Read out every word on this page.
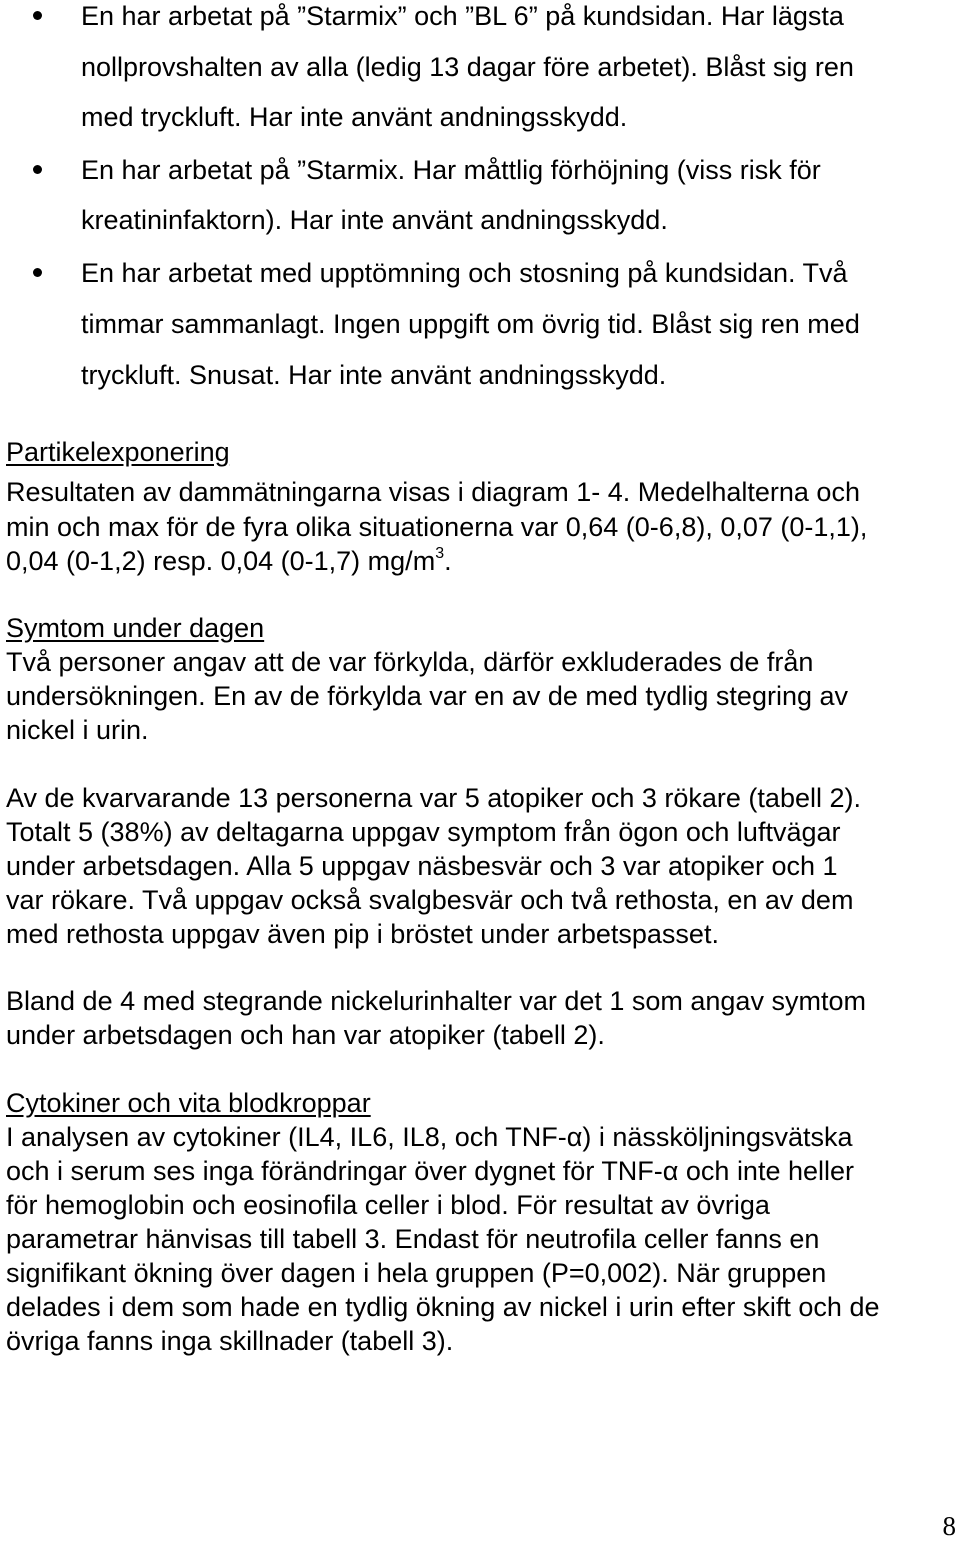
En har arbetat på ”Starmix” och ”BL 6” på kundsidan. Har lägsta
nollprovshalten av alla (ledig 13 dagar före arbetet). Blåst sig ren
med tryckluft. Har inte använt andningsskydd.
En har arbetat på ”Starmix. Har måttlig förhöjning (viss risk för
kreatininfaktorn). Har inte använt andningsskydd.
En har arbetat med upptömning och stosning på kundsidan. Två
timmar sammanlagt. Ingen uppgift om övrig tid. Blåst sig ren med
tryckluft. Snusat. Har inte använt andningsskydd.
Partikelexponering
Resultaten av dammätningarna visas i diagram 1- 4. Medelhalterna och
min och max för de fyra olika situationerna var 0,64 (0-6,8), 0,07 (0-1,1),
0,04 (0-1,2) resp. 0,04 (0-1,7) $mg/m^3$.
Symtom under dagen
Två personer angav att de var förkylda, därför exkluderades de från
undersökningen. En av de förkylda var en av de med tydlig stegring av
nickel i urin.
Av de kvarvarande 13 personerna var 5 atopiker och 3 rökare (tabell 2).
Totalt 5 (38%) av deltagarna uppgav symptom från ögon och luftvägar
under arbetsdagen. Alla 5 uppgav näsbesvär och 3 var atopiker och 1
var rökare. Två uppgav också svalgbesvär och två rethosta, en av dem
med rethosta uppgav även pip i bröstet under arbetspasset.
Bland de 4 med stegrande nickelurinhalter var det 1 som angav symtom
under arbetsdagen och han var atopiker (tabell 2).
Cytokiner och vita blodkroppar
I analysen av cytokiner (IL4, IL6, IL8, och TNF-α) i nässköljningsvätska
och i serum ses inga förändringar över dygnet för TNF-α och inte heller
för hemoglobin och eosinofila celler i blod. För resultat av övriga
parametrar hänvisas till tabell 3. Endast för neutrofila celler fanns en
signifikant ökning över dagen i hela gruppen (P=0,002). När gruppen
delades i dem som hade en tydlig ökning av nickel i urin efter skift och de
övriga fanns inga skillnader (tabell 3).
8
